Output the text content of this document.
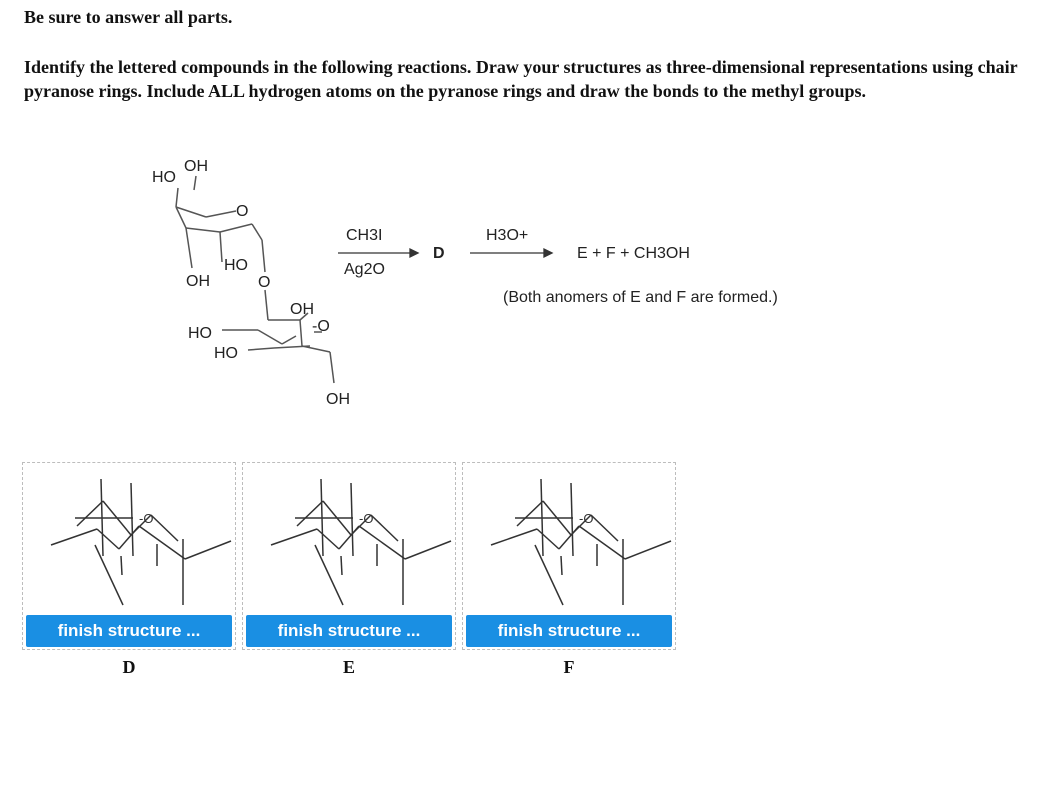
Be sure to answer all parts.
Identify the lettered compounds in the following reactions. Draw your structures as three-dimensional representations using chair pyranose rings. Include ALL hydrogen atoms on the pyranose rings and draw the bonds to the methyl groups.
HO
OH
O
HO
OH	O
OH
-O
HO
HO
OH
CH3I
Ag2O
D
H3O+
E + F + CH3OH
(Both anomers of E and F are formed.)
-O
finish structure ...
D
-O
finish structure ...
E
-O
finish structure ...
F
